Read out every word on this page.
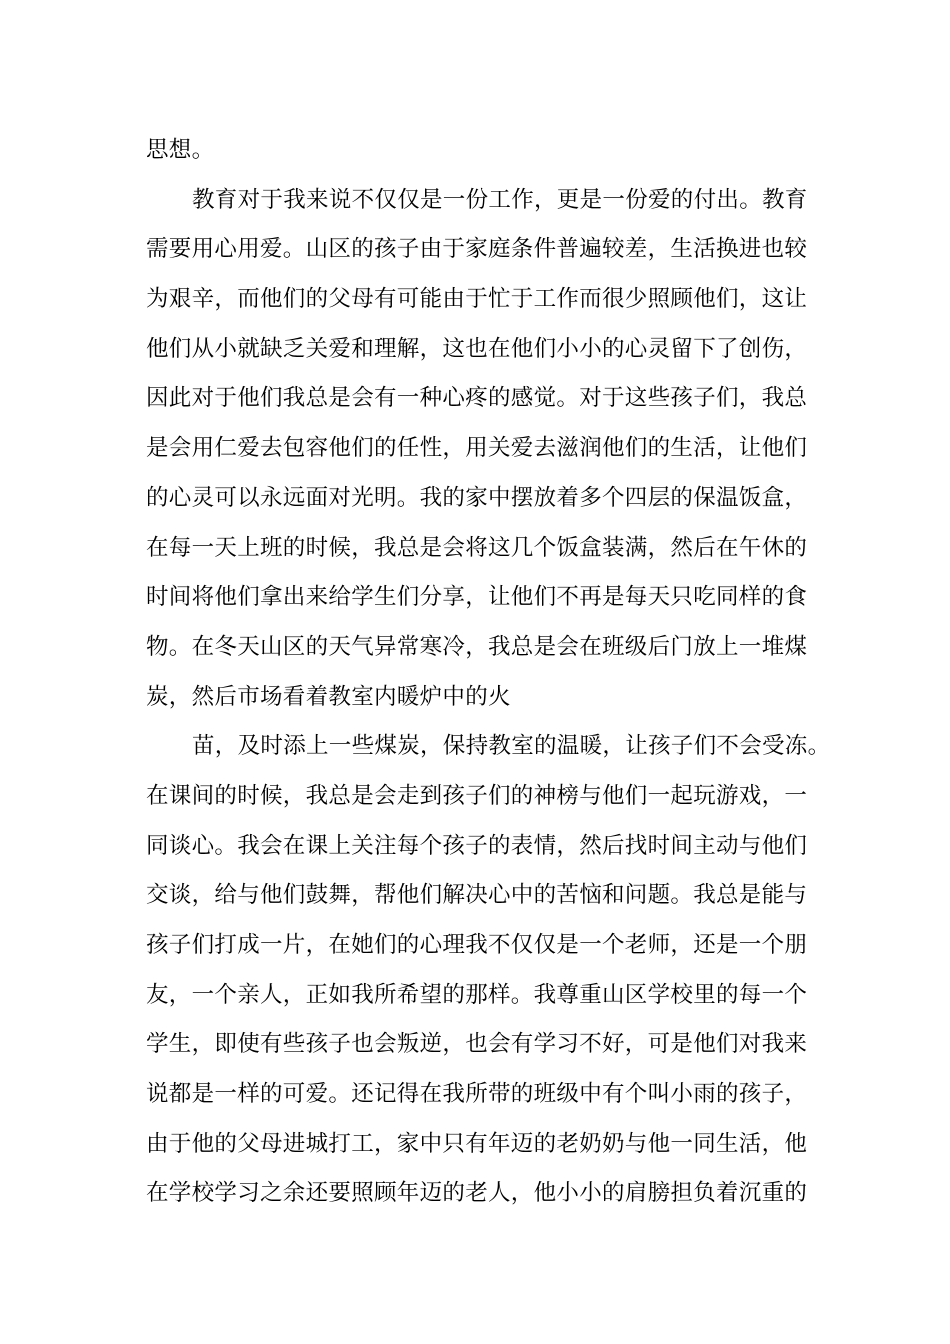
思想。
教育对于我来说不仅仅是一份工作，更是一份爱的付出。教育
需要用心用爱。山区的孩子由于家庭条件普遍较差，生活换进也较
为艰辛，而他们的父母有可能由于忙于工作而很少照顾他们，这让
他们从小就缺乏关爱和理解，这也在他们小小的心灵留下了创伤，
因此对于他们我总是会有一种心疼的感觉。对于这些孩子们，我总
是会用仁爱去包容他们的任性，用关爱去滋润他们的生活，让他们
的心灵可以永远面对光明。我的家中摆放着多个四层的保温饭盒，
在每一天上班的时候，我总是会将这几个饭盒装满，然后在午休的
时间将他们拿出来给学生们分享，让他们不再是每天只吃同样的食
物。在冬天山区的天气异常寒冷，我总是会在班级后门放上一堆煤
炭，然后市场看着教室内暖炉中的火
苗，及时添上一些煤炭，保持教室的温暖，让孩子们不会受冻。
在课间的时候，我总是会走到孩子们的神榜与他们一起玩游戏，一
同谈心。我会在课上关注每个孩子的表情，然后找时间主动与他们
交谈，给与他们鼓舞，帮他们解决心中的苦恼和问题。我总是能与
孩子们打成一片，在她们的心理我不仅仅是一个老师，还是一个朋
友，一个亲人，正如我所希望的那样。我尊重山区学校里的每一个
学生，即使有些孩子也会叛逆，也会有学习不好，可是他们对我来
说都是一样的可爱。还记得在我所带的班级中有个叫小雨的孩子，
由于他的父母进城打工，家中只有年迈的老奶奶与他一同生活，他
在学校学习之余还要照顾年迈的老人，他小小的肩膀担负着沉重的
